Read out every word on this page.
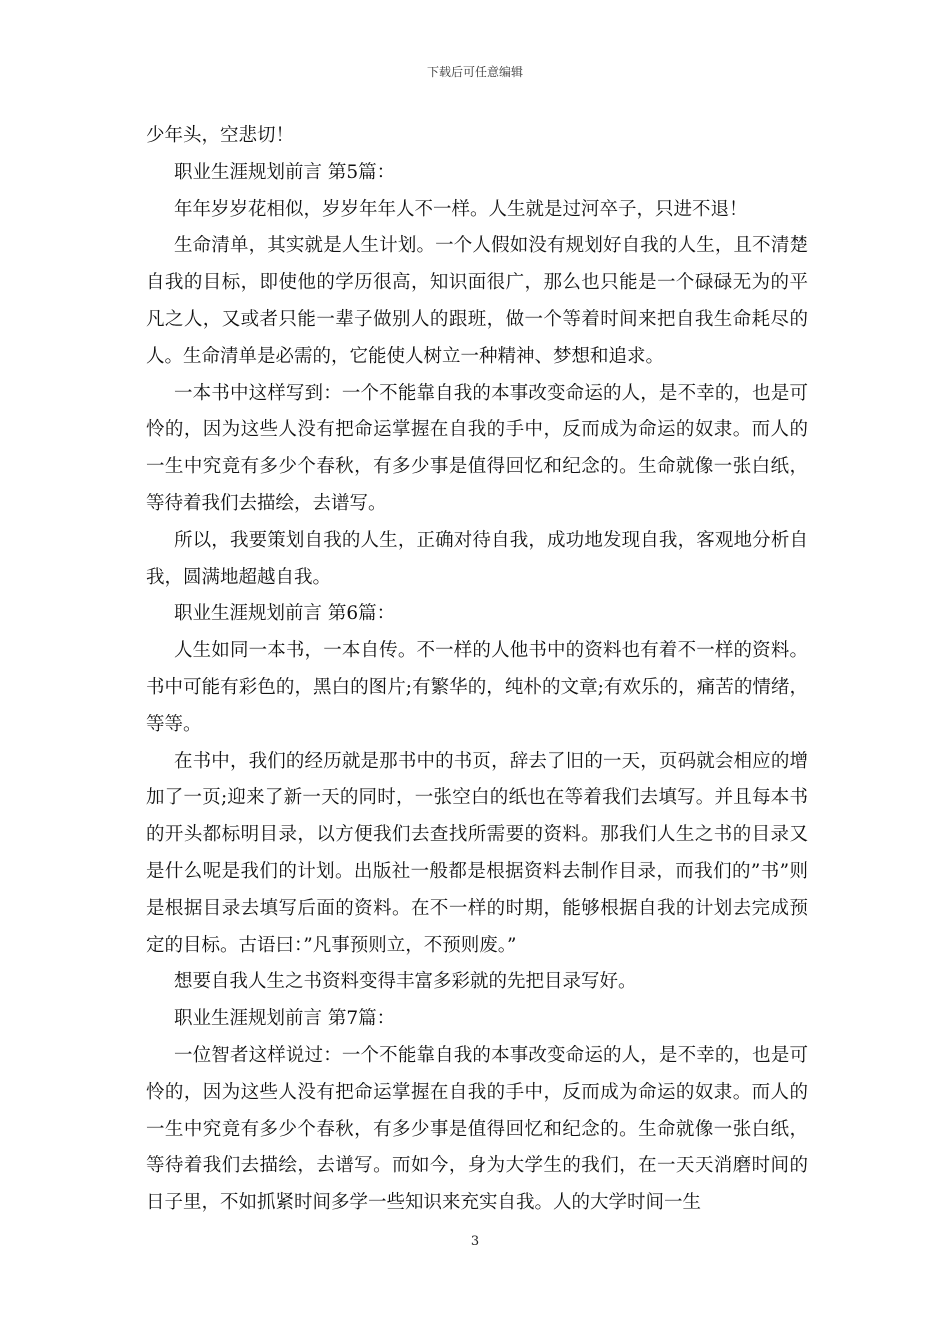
下载后可任意编辑

少年头，空悲切！

职业生涯规划前言 第5篇：

年年岁岁花相似，岁岁年年人不一样。人生就是过河卒子，只进不退！

生命清单，其实就是人生计划。一个人假如没有规划好自我的人生，且不清楚自我的目标，即使他的学历很高，知识面很广，那么也只能是一个碌碌无为的平凡之人，又或者只能一辈子做别人的跟班，做一个等着时间来把自我生命耗尽的人。生命清单是必需的，它能使人树立一种精神、梦想和追求。

一本书中这样写到：一个不能靠自我的本事改变命运的人，是不幸的，也是可怜的，因为这些人没有把命运掌握在自我的手中，反而成为命运的奴隶。而人的一生中究竟有多少个春秋，有多少事是值得回忆和纪念的。生命就像一张白纸，等待着我们去描绘，去谱写。

所以，我要策划自我的人生，正确对待自我，成功地发现自我，客观地分析自我，圆满地超越自我。

职业生涯规划前言 第6篇：

人生如同一本书，一本自传。不一样的人他书中的资料也有着不一样的资料。书中可能有彩色的，黑白的图片;有繁华的，纯朴的文章;有欢乐的，痛苦的情绪，等等。

在书中，我们的经历就是那书中的书页，辞去了旧的一天，页码就会相应的增加了一页;迎来了新一天的同时，一张空白的纸也在等着我们去填写。并且每本书的开头都标明目录，以方便我们去查找所需要的资料。那我们人生之书的目录又是什么呢是我们的计划。出版社一般都是根据资料去制作目录，而我们的”书”则是根据目录去填写后面的资料。在不一样的时期，能够根据自我的计划去完成预定的目标。古语曰：”凡事预则立，不预则废。”

想要自我人生之书资料变得丰富多彩就的先把目录写好。

职业生涯规划前言 第7篇：

一位智者这样说过：一个不能靠自我的本事改变命运的人，是不幸的，也是可怜的，因为这些人没有把命运掌握在自我的手中，反而成为命运的奴隶。而人的一生中究竟有多少个春秋，有多少事是值得回忆和纪念的。生命就像一张白纸，等待着我们去描绘，去谱写。而如今，身为大学生的我们，在一天天消磨时间的日子里，不如抓紧时间多学一些知识来充实自我。人的大学时间一生

3
